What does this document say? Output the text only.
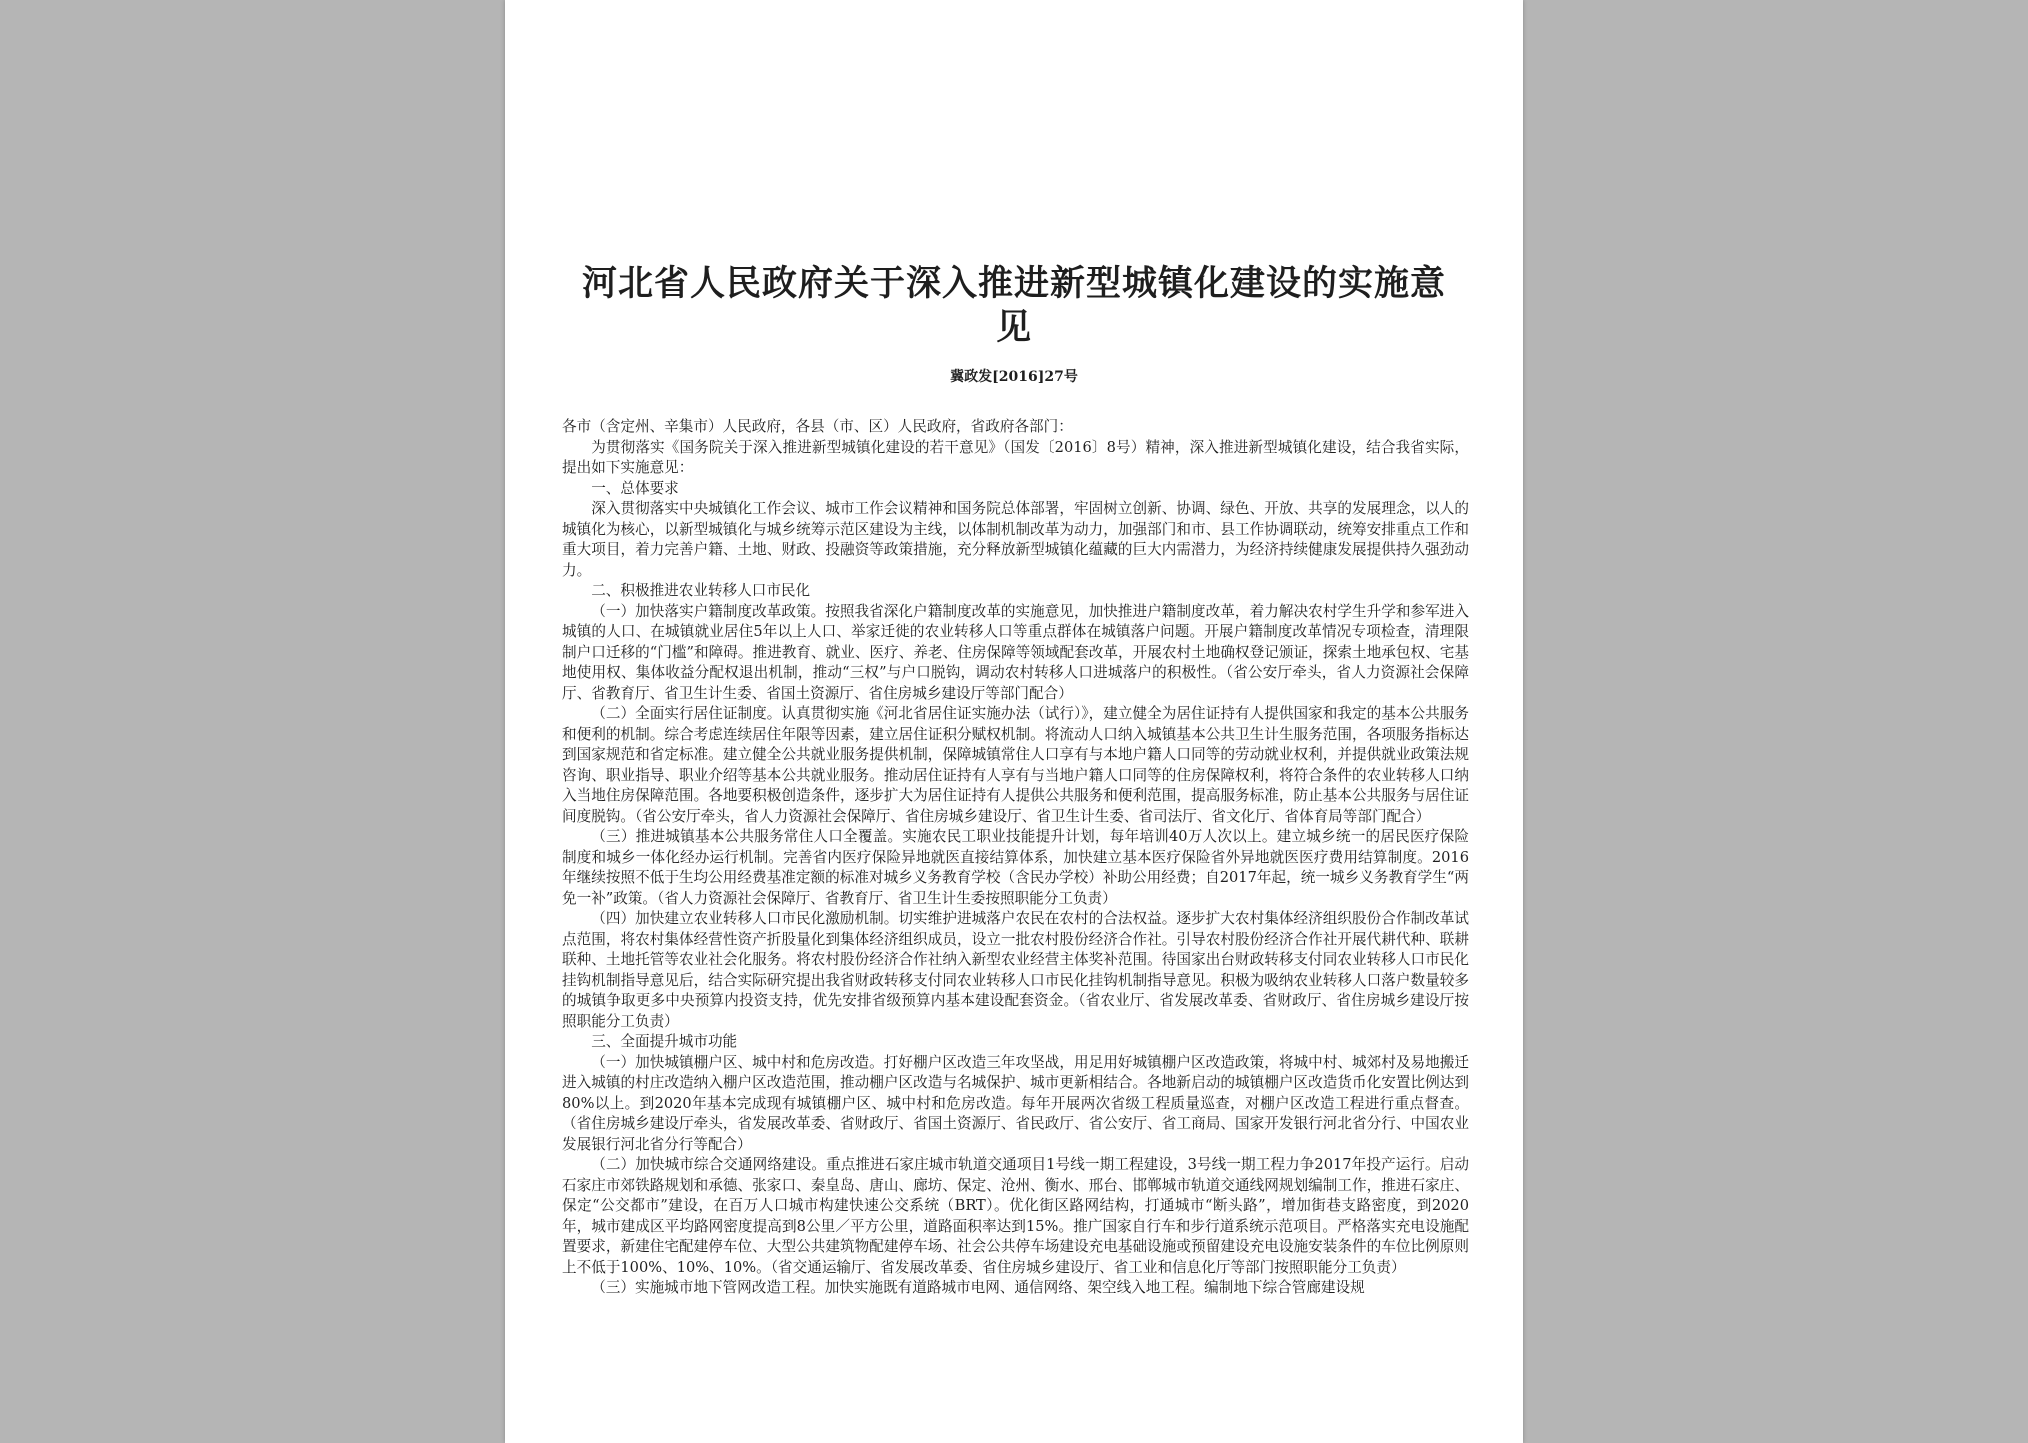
河北省人民政府关于深入推进新型城镇化建设的实施意见
冀政发[2016]27号

各市（含定州、辛集市）人民政府，各县（市、区）人民政府，省政府各部门：

为贯彻落实《国务院关于深入推进新型城镇化建设的若干意见》（国发〔2016〕8号）精神，深入推进新型城镇化建设，结合我省实际，提出如下实施意见：

一、总体要求

深入贯彻落实中央城镇化工作会议、城市工作会议精神和国务院总体部署，牢固树立创新、协调、绿色、开放、共享的发展理念，以人的城镇化为核心，以新型城镇化与城乡统筹示范区建设为主线，以体制机制改革为动力，加强部门和市、县工作协调联动，统筹安排重点工作和重大项目，着力完善户籍、土地、财政、投融资等政策措施，充分释放新型城镇化蕴藏的巨大内需潜力，为经济持续健康发展提供持久强劲动力。

二、积极推进农业转移人口市民化

（一）加快落实户籍制度改革政策。按照我省深化户籍制度改革的实施意见，加快推进户籍制度改革，着力解决农村学生升学和参军进入城镇的人口、在城镇就业居住5年以上人口、举家迁徙的农业转移人口等重点群体在城镇落户问题。开展户籍制度改革情况专项检查，清理限制户口迁移的“门槛”和障碍。推进教育、就业、医疗、养老、住房保障等领域配套改革，开展农村土地确权登记颁证，探索土地承包权、宅基地使用权、集体收益分配权退出机制，推动“三权”与户口脱钩，调动农村转移人口进城落户的积极性。（省公安厅牵头，省人力资源社会保障厅、省教育厅、省卫生计生委、省国土资源厅、省住房城乡建设厅等部门配合）

（二）全面实行居住证制度。认真贯彻实施《河北省居住证实施办法（试行）》，建立健全为居住证持有人提供国家和我定的基本公共服务和便利的机制。综合考虑连续居住年限等因素，建立居住证积分赋权机制。将流动人口纳入城镇基本公共卫生计生服务范围，各项服务指标达到国家规范和省定标准。建立健全公共就业服务提供机制，保障城镇常住人口享有与本地户籍人口同等的劳动就业权利，并提供就业政策法规咨询、职业指导、职业介绍等基本公共就业服务。推动居住证持有人享有与当地户籍人口同等的住房保障权利，将符合条件的农业转移人口纳入当地住房保障范围。各地要积极创造条件，逐步扩大为居住证持有人提供公共服务和便利范围，提高服务标准，防止基本公共服务与居住证间度脱钩。（省公安厅牵头，省人力资源社会保障厅、省住房城乡建设厅、省卫生计生委、省司法厅、省文化厅、省体育局等部门配合）

（三）推进城镇基本公共服务常住人口全覆盖。实施农民工职业技能提升计划，每年培训40万人次以上。建立城乡统一的居民医疗保险制度和城乡一体化经办运行机制。完善省内医疗保险异地就医直接结算体系，加快建立基本医疗保险省外异地就医医疗费用结算制度。2016年继续按照不低于生均公用经费基准定额的标准对城乡义务教育学校（含民办学校）补助公用经费；自2017年起，统一城乡义务教育学生“两免一补”政策。（省人力资源社会保障厅、省教育厅、省卫生计生委按照职能分工负责）

（四）加快建立农业转移人口市民化激励机制。切实维护进城落户农民在农村的合法权益。逐步扩大农村集体经济组织股份合作制改革试点范围，将农村集体经营性资产折股量化到集体经济组织成员，设立一批农村股份经济合作社。引导农村股份经济合作社开展代耕代种、联耕联种、土地托管等农业社会化服务。将农村股份经济合作社纳入新型农业经营主体奖补范围。待国家出台财政转移支付同农业转移人口市民化挂钩机制指导意见后，结合实际研究提出我省财政转移支付同农业转移人口市民化挂钩机制指导意见。积极为吸纳农业转移人口落户数量较多的城镇争取更多中央预算内投资支持，优先安排省级预算内基本建设配套资金。（省农业厅、省发展改革委、省财政厅、省住房城乡建设厅按照职能分工负责）

三、全面提升城市功能

（一）加快城镇棚户区、城中村和危房改造。打好棚户区改造三年攻坚战，用足用好城镇棚户区改造政策，将城中村、城郊村及易地搬迁进入城镇的村庄改造纳入棚户区改造范围，推动棚户区改造与名城保护、城市更新相结合。各地新启动的城镇棚户区改造货币化安置比例达到80%以上。到2020年基本完成现有城镇棚户区、城中村和危房改造。每年开展两次省级工程质量巡查，对棚户区改造工程进行重点督查。（省住房城乡建设厅牵头，省发展改革委、省财政厅、省国土资源厅、省民政厅、省公安厅、省工商局、国家开发银行河北省分行、中国农业发展银行河北省分行等配合）

（二）加快城市综合交通网络建设。重点推进石家庄城市轨道交通项目1号线一期工程建设，3号线一期工程力争2017年投产运行。启动石家庄市郊铁路规划和承德、张家口、秦皇岛、唐山、廊坊、保定、沧州、衡水、邢台、邯郸城市轨道交通线网规划编制工作，推进石家庄、保定“公交都市”建设，在百万人口城市构建快速公交系统（BRT）。优化街区路网结构，打通城市“断头路”，增加街巷支路密度，到2020年，城市建成区平均路网密度提高到8公里／平方公里，道路面积率达到15%。推广国家自行车和步行道系统示范项目。严格落实充电设施配置要求，新建住宅配建停车位、大型公共建筑物配建停车场、社会公共停车场建设充电基础设施或预留建设充电设施安装条件的车位比例原则上不低于100%、10%、10%。（省交通运输厅、省发展改革委、省住房城乡建设厅、省工业和信息化厅等部门按照职能分工负责）

（三）实施城市地下管网改造工程。加快实施既有道路城市电网、通信网络、架空线入地工程。编制地下综合管廊建设规
